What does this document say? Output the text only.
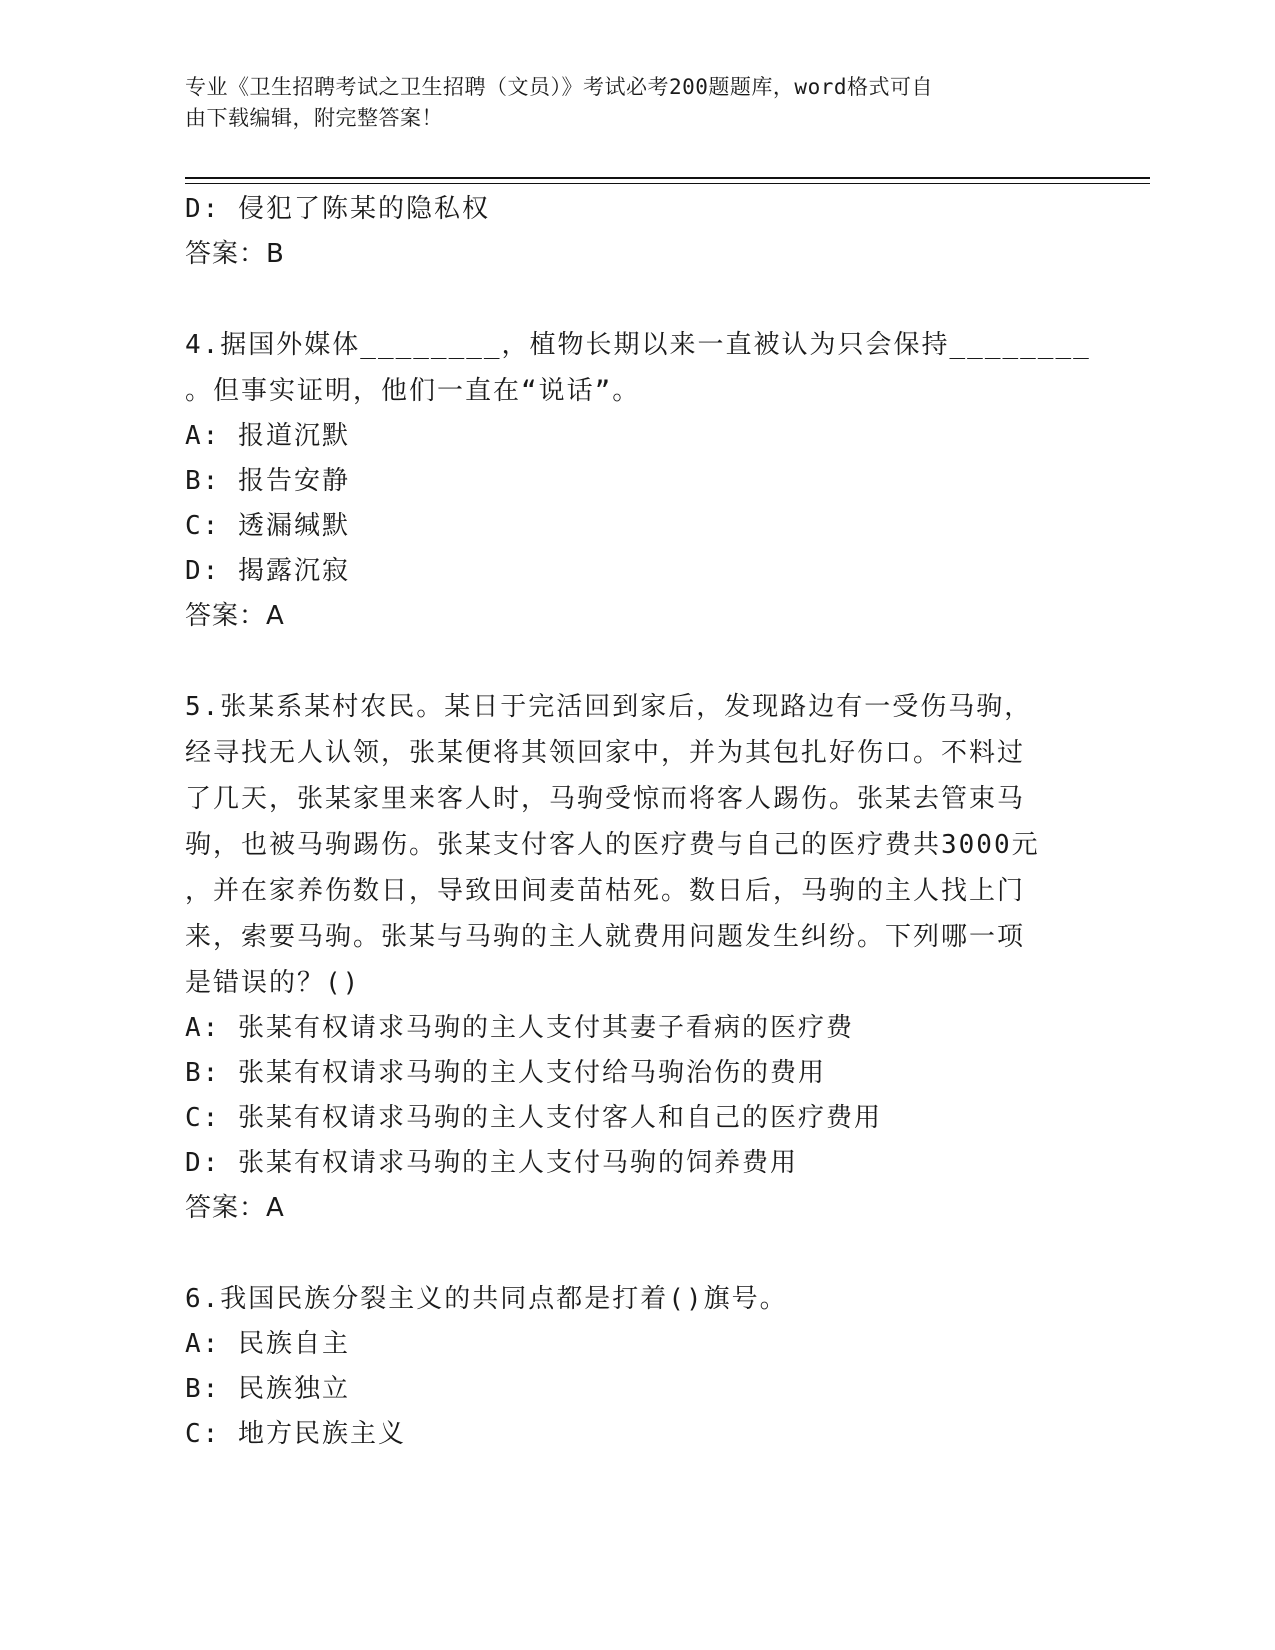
专业《卫生招聘考试之卫生招聘（文员）》考试必考200题题库，word格式可自
由下载编辑，附完整答案！
D: 侵犯了陈某的隐私权
答案：B
4.据国外媒体________，植物长期以来一直被认为只会保持________
。但事实证明，他们一直在“说话”。
A: 报道沉默
B: 报告安静
C: 透漏缄默
D: 揭露沉寂
答案：A
5.张某系某村农民。某日于完活回到家后，发现路边有一受伤马驹，
经寻找无人认领，张某便将其领回家中，并为其包扎好伤口。不料过
了几天，张某家里来客人时，马驹受惊而将客人踢伤。张某去管束马
驹，也被马驹踢伤。张某支付客人的医疗费与自己的医疗费共3000元
，并在家养伤数日，导致田间麦苗枯死。数日后，马驹的主人找上门
来，索要马驹。张某与马驹的主人就费用问题发生纠纷。下列哪一项
是错误的？()
A: 张某有权请求马驹的主人支付其妻子看病的医疗费
B: 张某有权请求马驹的主人支付给马驹治伤的费用
C: 张某有权请求马驹的主人支付客人和自己的医疗费用
D: 张某有权请求马驹的主人支付马驹的饲养费用
答案：A
6.我国民族分裂主义的共同点都是打着()旗号。
A: 民族自主
B: 民族独立
C: 地方民族主义
